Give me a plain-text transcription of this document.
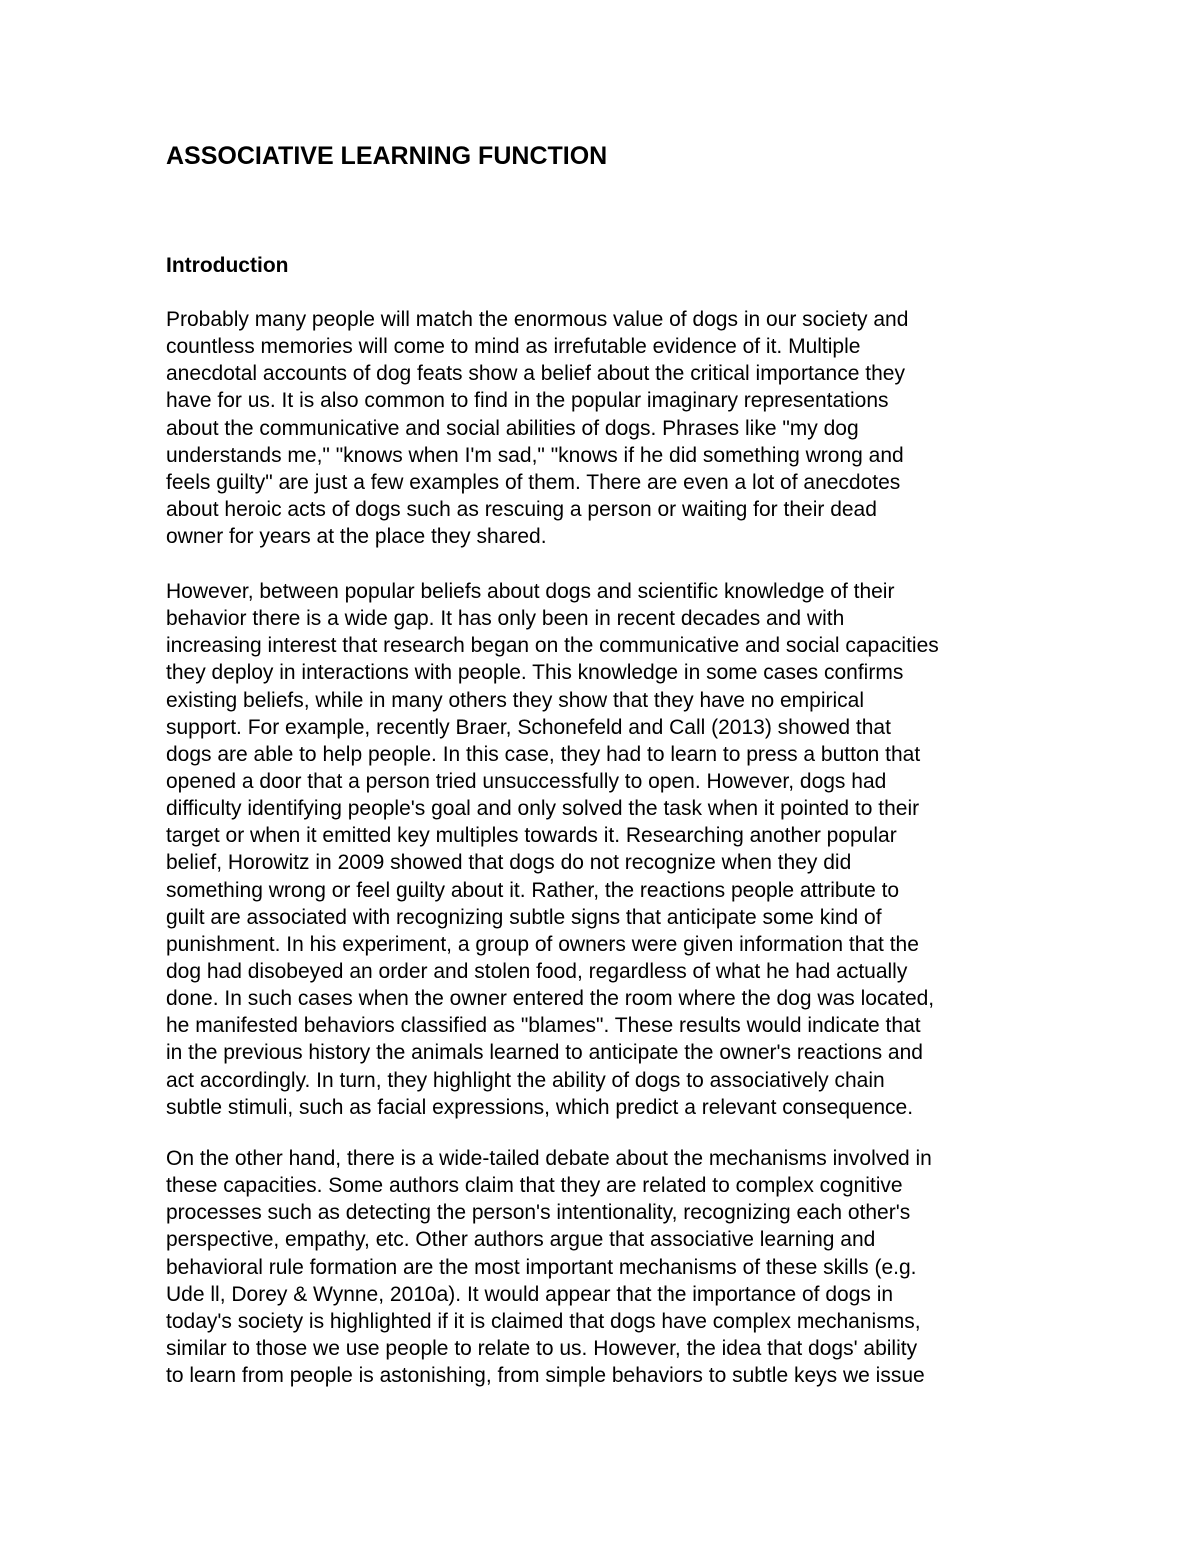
ASSOCIATIVE LEARNING FUNCTION
Introduction

Probably many people will match the enormous value of dogs in our society and
countless memories will come to mind as irrefutable evidence of it. Multiple
anecdotal accounts of dog feats show a belief about the critical importance they
have for us. It is also common to find in the popular imaginary representations
about the communicative and social abilities of dogs. Phrases like "my dog
understands me," "knows when I'm sad," "knows if he did something wrong and
feels guilty" are just a few examples of them. There are even a lot of anecdotes
about heroic acts of dogs such as rescuing a person or waiting for their dead
owner for years at the place they shared.

However, between popular beliefs about dogs and scientific knowledge of their
behavior there is a wide gap. It has only been in recent decades and with
increasing interest that research began on the communicative and social capacities
they deploy in interactions with people. This knowledge in some cases confirms
existing beliefs, while in many others they show that they have no empirical
support. For example, recently Braer, Schonefeld and Call (2013) showed that
dogs are able to help people. In this case, they had to learn to press a button that
opened a door that a person tried unsuccessfully to open. However, dogs had
difficulty identifying people's goal and only solved the task when it pointed to their
target or when it emitted key multiples towards it. Researching another popular
belief, Horowitz in 2009 showed that dogs do not recognize when they did
something wrong or feel guilty about it. Rather, the reactions people attribute to
guilt are associated with recognizing subtle signs that anticipate some kind of
punishment. In his experiment, a group of owners were given information that the
dog had disobeyed an order and stolen food, regardless of what he had actually
done. In such cases when the owner entered the room where the dog was located,
he manifested behaviors classified as "blames". These results would indicate that
in the previous history the animals learned to anticipate the owner's reactions and
act accordingly. In turn, they highlight the ability of dogs to associatively chain
subtle stimuli, such as facial expressions, which predict a relevant consequence.

On the other hand, there is a wide-tailed debate about the mechanisms involved in
these capacities. Some authors claim that they are related to complex cognitive
processes such as detecting the person's intentionality, recognizing each other's
perspective, empathy, etc. Other authors argue that associative learning and
behavioral rule formation are the most important mechanisms of these skills (e.g.
Ude ll, Dorey & Wynne, 2010a). It would appear that the importance of dogs in
today's society is highlighted if it is claimed that dogs have complex mechanisms,
similar to those we use people to relate to us. However, the idea that dogs' ability
to learn from people is astonishing, from simple behaviors to subtle keys we issue
